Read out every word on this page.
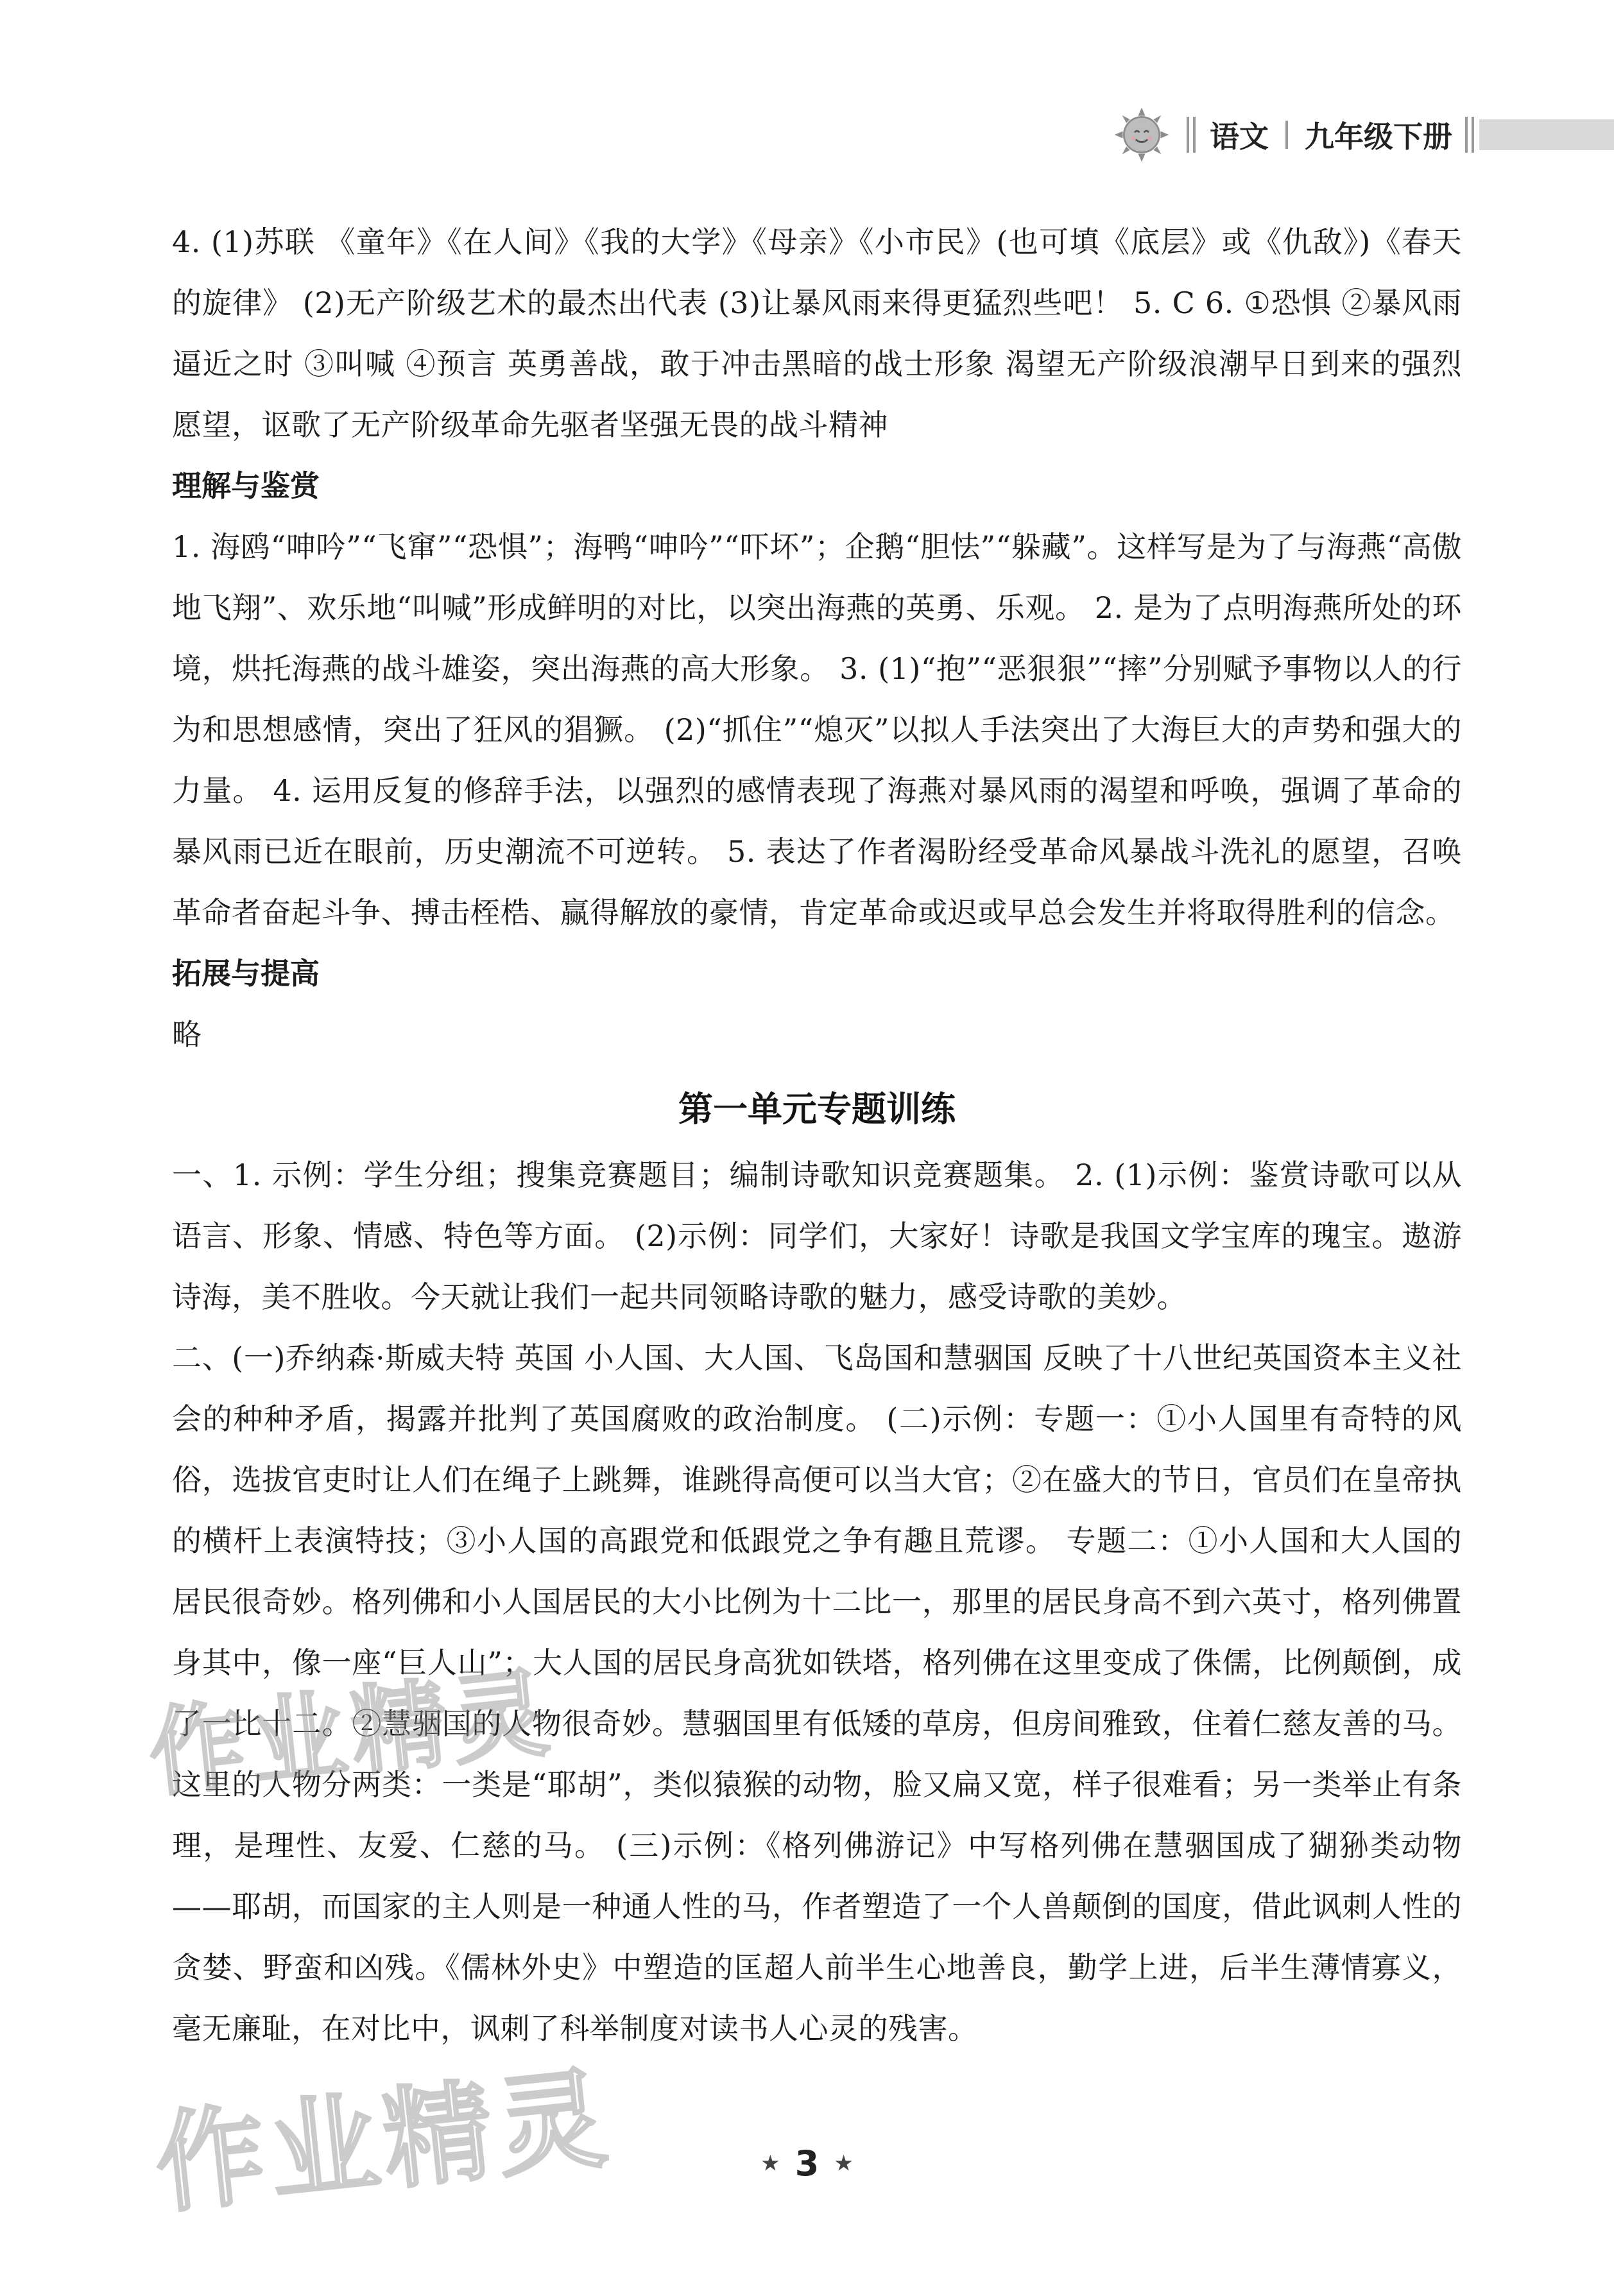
语文 九年级下册

4. (1)苏联 《童年》《在人间》《我的大学》《母亲》《小市民》(也可填《底层》或《仇敌》)《春天的旋律》 (2)无产阶级艺术的最杰出代表 (3)让暴风雨来得更猛烈些吧！ 5. C 6. ①恐惧 ②暴风雨逼近之时 ③叫喊 ④预言 英勇善战，敢于冲击黑暗的战士形象 渴望无产阶级浪潮早日到来的强烈愿望，讴歌了无产阶级革命先驱者坚强无畏的战斗精神

理解与鉴赏

1. 海鸥“呻吟”“飞窜”“恐惧”；海鸭“呻吟”“吓坏”；企鹅“胆怯”“躲藏”。这样写是为了与海燕“高傲地飞翔”、欢乐地“叫喊”形成鲜明的对比，以突出海燕的英勇、乐观。 2. 是为了点明海燕所处的环境，烘托海燕的战斗雄姿，突出海燕的高大形象。 3. (1)“抱”“恶狠狠”“摔”分别赋予事物以人的行为和思想感情，突出了狂风的猖獗。 (2)“抓住”“熄灭”以拟人手法突出了大海巨大的声势和强大的力量。 4. 运用反复的修辞手法，以强烈的感情表现了海燕对暴风雨的渴望和呼唤，强调了革命的暴风雨已近在眼前，历史潮流不可逆转。 5. 表达了作者渴盼经受革命风暴战斗洗礼的愿望，召唤革命者奋起斗争、搏击桎梏、赢得解放的豪情，肯定革命或迟或早总会发生并将取得胜利的信念。

拓展与提高

略

第一单元专题训练

一、1. 示例：学生分组；搜集竞赛题目；编制诗歌知识竞赛题集。 2. (1)示例：鉴赏诗歌可以从语言、形象、情感、特色等方面。 (2)示例：同学们，大家好！诗歌是我国文学宝库的瑰宝。遨游诗海，美不胜收。今天就让我们一起共同领略诗歌的魅力，感受诗歌的美妙。

二、(一)乔纳森·斯威夫特 英国 小人国、大人国、飞岛国和慧骃国 反映了十八世纪英国资本主义社会的种种矛盾，揭露并批判了英国腐败的政治制度。 (二)示例：专题一：①小人国里有奇特的风俗，选拔官吏时让人们在绳子上跳舞，谁跳得高便可以当大官；②在盛大的节日，官员们在皇帝执的横杆上表演特技；③小人国的高跟党和低跟党之争有趣且荒谬。 专题二：①小人国和大人国的居民很奇妙。格列佛和小人国居民的大小比例为十二比一，那里的居民身高不到六英寸，格列佛置身其中，像一座“巨人山”；大人国的居民身高犹如铁塔，格列佛在这里变成了侏儒，比例颠倒，成了一比十二。②慧骃国的人物很奇妙。慧骃国里有低矮的草房，但房间雅致，住着仁慈友善的马。这里的人物分两类：一类是“耶胡”，类似猿猴的动物，脸又扁又宽，样子很难看；另一类举止有条理，是理性、友爱、仁慈的马。 (三)示例：《格列佛游记》中写格列佛在慧骃国成了猢狲类动物——耶胡，而国家的主人则是一种通人性的马，作者塑造了一个人兽颠倒的国度，借此讽刺人性的贪婪、野蛮和凶残。《儒林外史》中塑造的匡超人前半生心地善良，勤学上进，后半生薄情寡义，毫无廉耻，在对比中，讽刺了科举制度对读书人心灵的残害。

作业精灵
作业精灵	★ 3 ★
